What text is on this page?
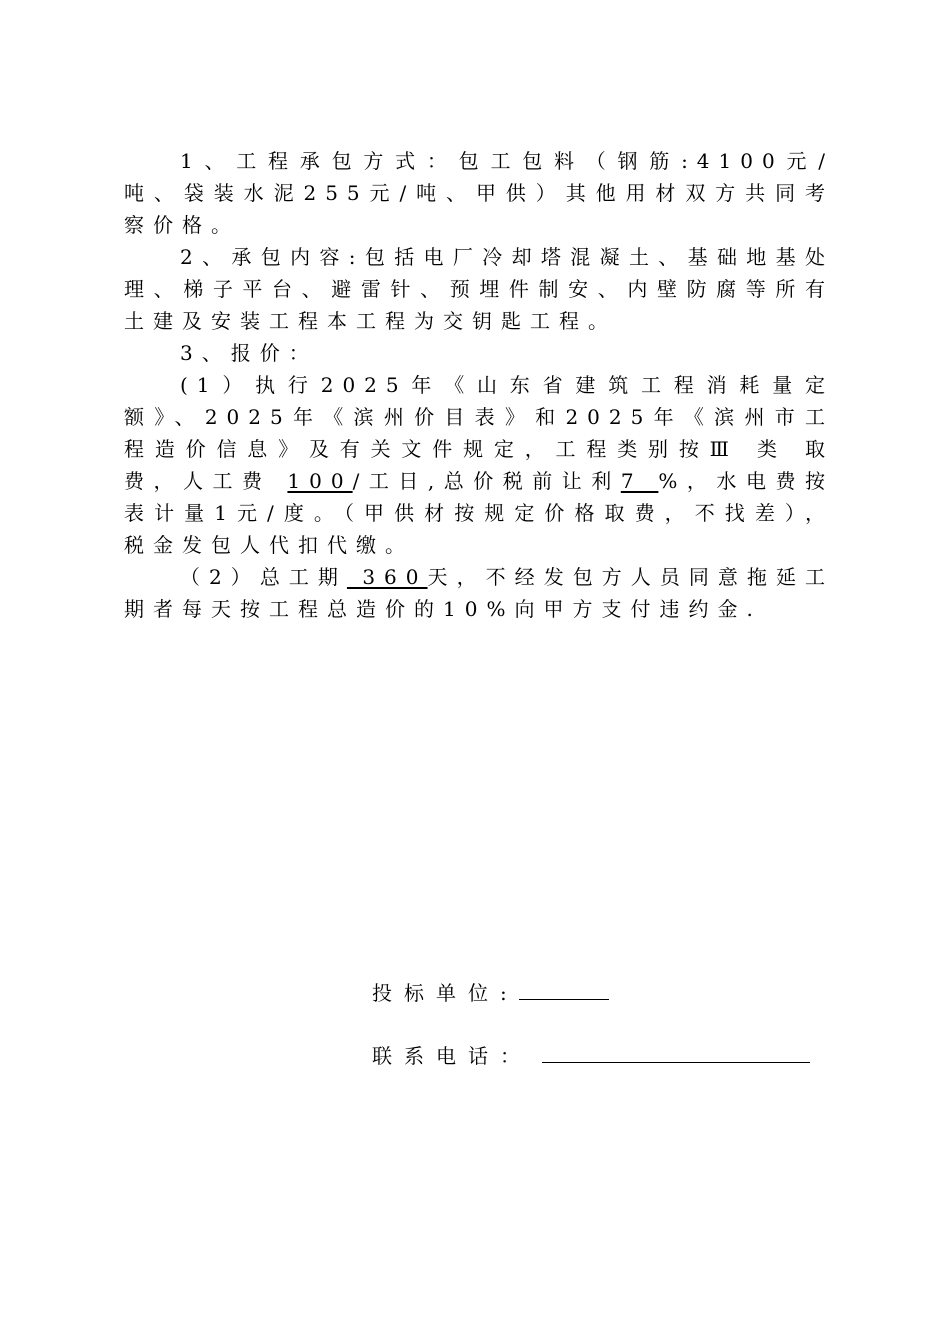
1、工程承包方式：包工包料（钢筋:4100元/吨、袋装水泥255元/吨、甲供）其他用材双方共同考察价格。

2、承包内容:包括电厂冷却塔混凝土、基础地基处理、梯子平台、避雷针、预埋件制安、内壁防腐等所有土建及安装工程本工程为交钥匙工程。

3、报价：

(1）执行2025年《山东省建筑工程消耗量定额》、2025年《滨州价目表》和2025年《滨州市工程造价信息》及有关文件规定，工程类别按Ⅲ 类 取 费，人工费 100/工日,总价税前让利7 %，水电费按表计量1元/度。（甲供材按规定价格取费，不找差），税金发包人代扣代缴。

（2）总工期 360天，不经发包方人员同意拖延工期者每天按工程总造价的10%向甲方支付违约金.

投标单位:
联系电话：
